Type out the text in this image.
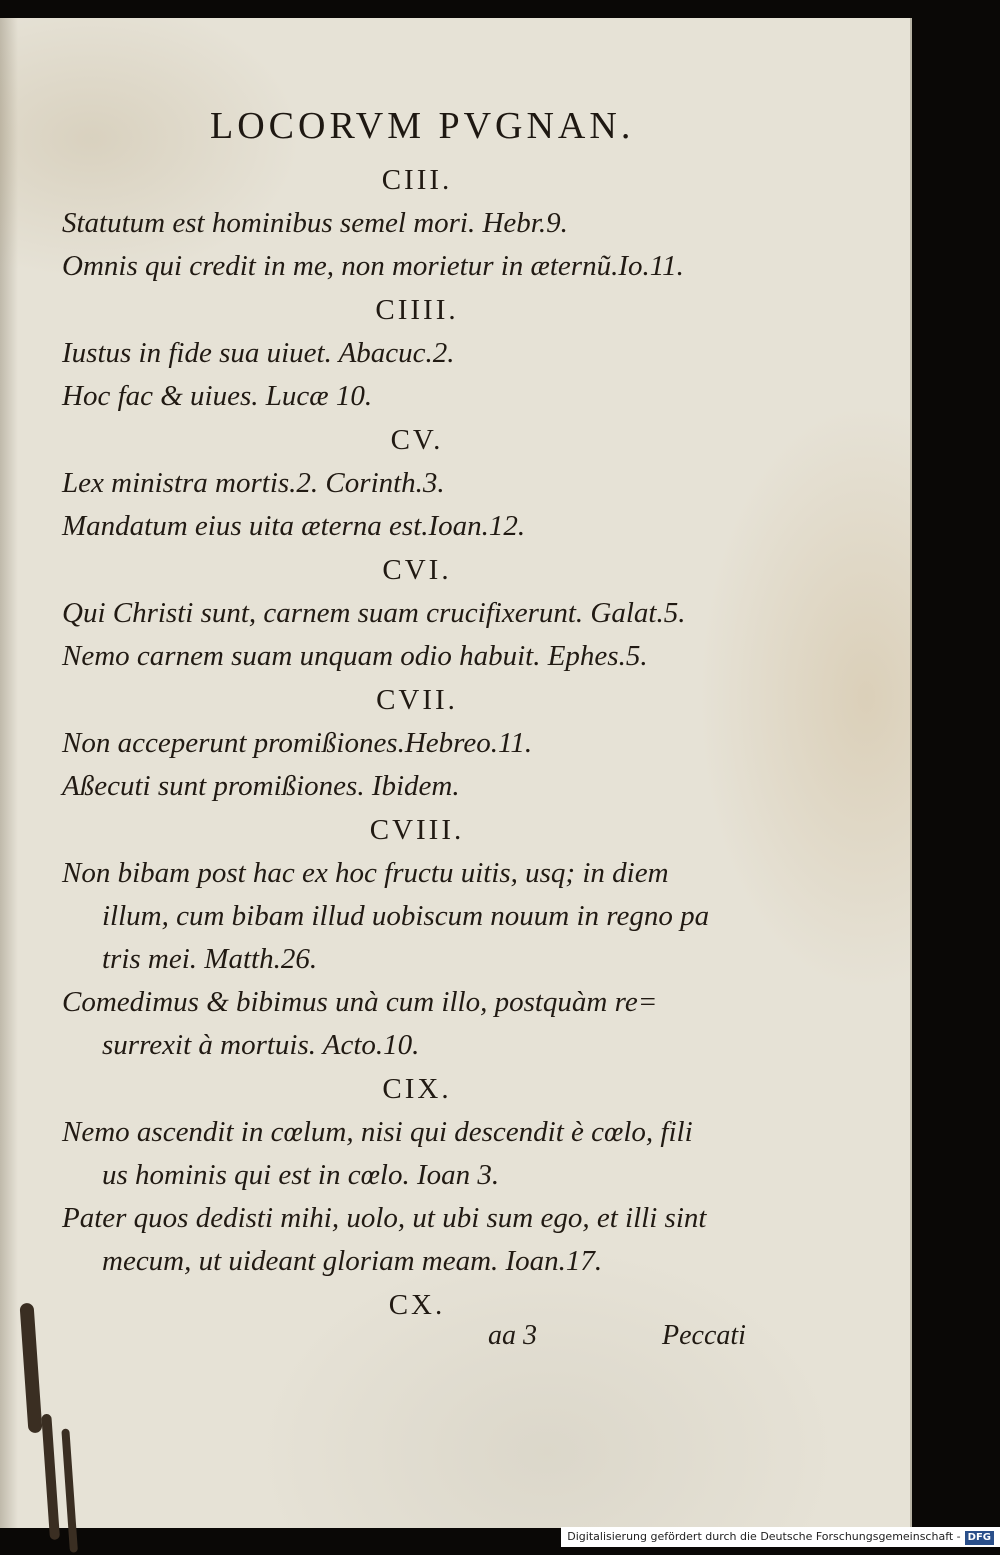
LOCORVM PVGNAN.
CIII.
Statutum est hominibus semel mori. Hebr.9.
Omnis qui credit in me, non morietur in æternũ.Io.11.
CIIII.
Iustus in fide sua uiuet. Abacuc.2.
Hoc fac & uiues. Lucæ 10.
CV.
Lex ministra mortis.2. Corinth.3.
Mandatum eius uita æterna est.Ioan.12.
CVI.
Qui Christi sunt, carnem suam crucifixerunt. Galat.5.
Nemo carnem suam unquam odio habuit. Ephes.5.
CVII.
Non acceperunt promißiones.Hebreo.11.
Aßecuti sunt promißiones. Ibidem.
CVIII.
Non bibam post hac ex hoc fructu uitis, usq; in diem
illum, cum bibam illud uobiscum nouum in regno pa
tris mei. Matth.26.
Comedimus & bibimus unà cum illo, postquàm re=
surrexit à mortuis. Acto.10.
CIX.
Nemo ascendit in cœlum, nisi qui descendit è cœlo, fili
us hominis qui est in cœlo. Ioan 3.
Pater quos dedisti mihi, uolo, ut ubi sum ego, et illi sint
mecum, ut uideant gloriam meam. Ioan.17.
CX.
aa 3	Peccati
Digitalisierung gefördert durch die Deutsche Forschungsgemeinschaft - DFG
